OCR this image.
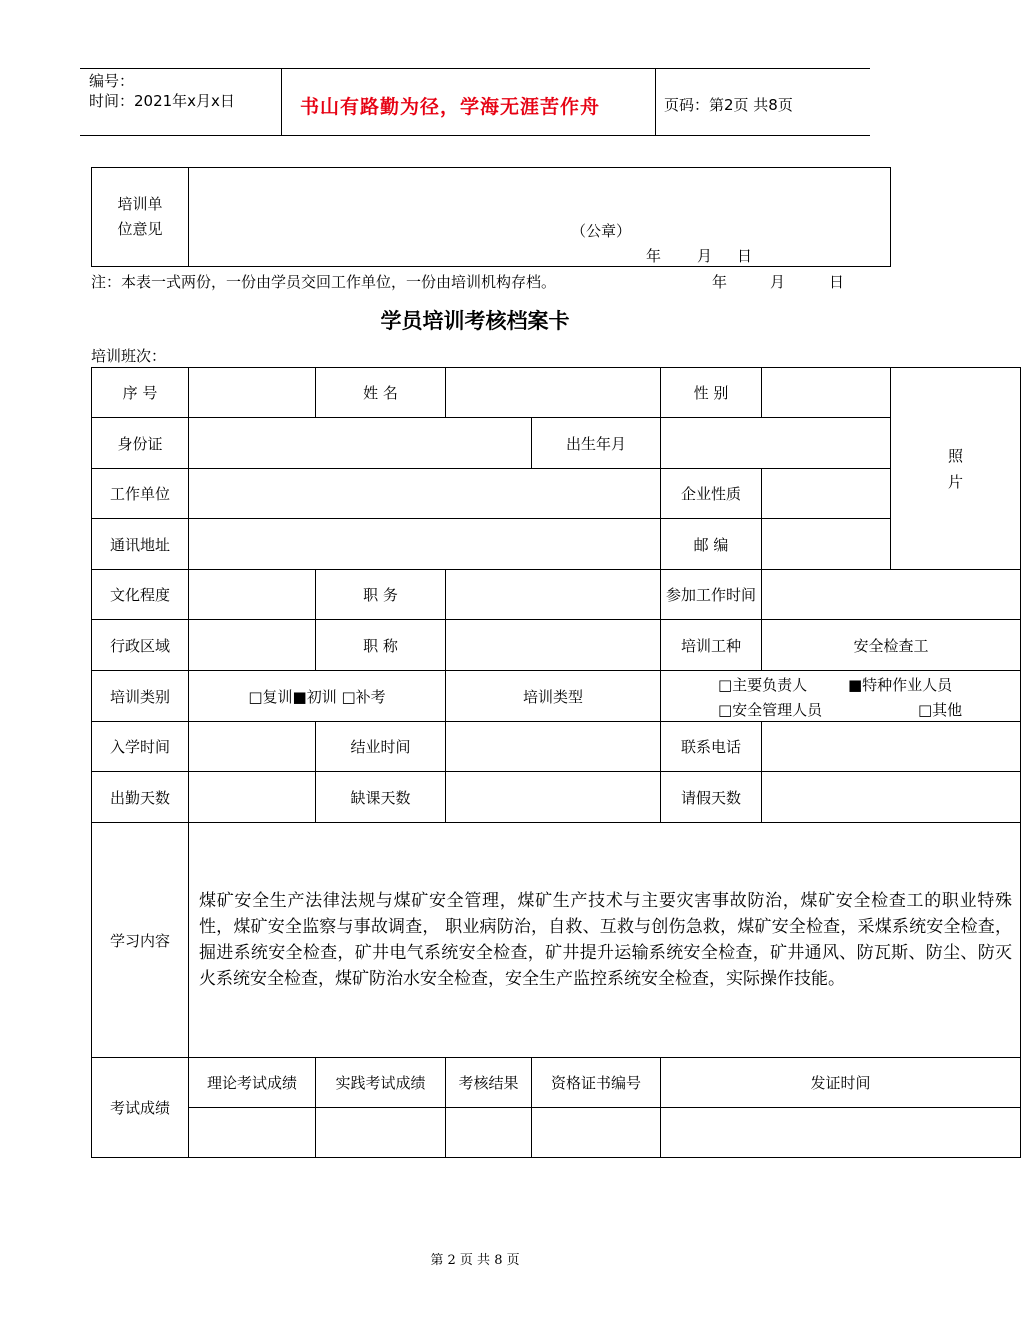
编号：
时间：2021年x月x日	书山有路勤为径，学海无涯苦作舟	页码：第2页 共8页
培训单
位意见	（公章）
年 月 日
注：本表一式两份，一份由学员交回工作单位，一份由培训机构存档。	年	月	日
学员培训考核档案卡
培训班次：
序 号		姓 名			性 别		照
片

身份证				出生年月			
工作单位					企业性质		
通讯地址					邮 编		
文化程度		职 务			参加工作时间		
行政区域		职 称			培训工种	安全检查工	
培训类别	□复训■初训 □补考		培训类型		□主要负责人 ■特种作业人员
□安全管理人员 □其他		

入学时间		结业时间			联系电话		
出勤天数		缺课天数			请假天数		
学习内容	煤矿安全生产法律法规与煤矿安全管理，煤矿生产技术与主要灾害事故防治，煤矿安全检查工的职业特殊性，煤矿安全监察与事故调查， 职业病防治，自救、互救与创伤急救，煤矿安全检查，采煤系统安全检查，掘进系统安全检查，矿井电气系统安全检查，矿井提升运输系统安全检查，矿井通风、防瓦斯、防尘、防灭火系统安全检查，煤矿防治水安全检查，安全生产监控系统安全检查，实际操作技能。						
考试成绩	理论考试成绩	实践考试成绩	考核结果	资格证书编号	发证时间		

第 2 页 共 8 页
